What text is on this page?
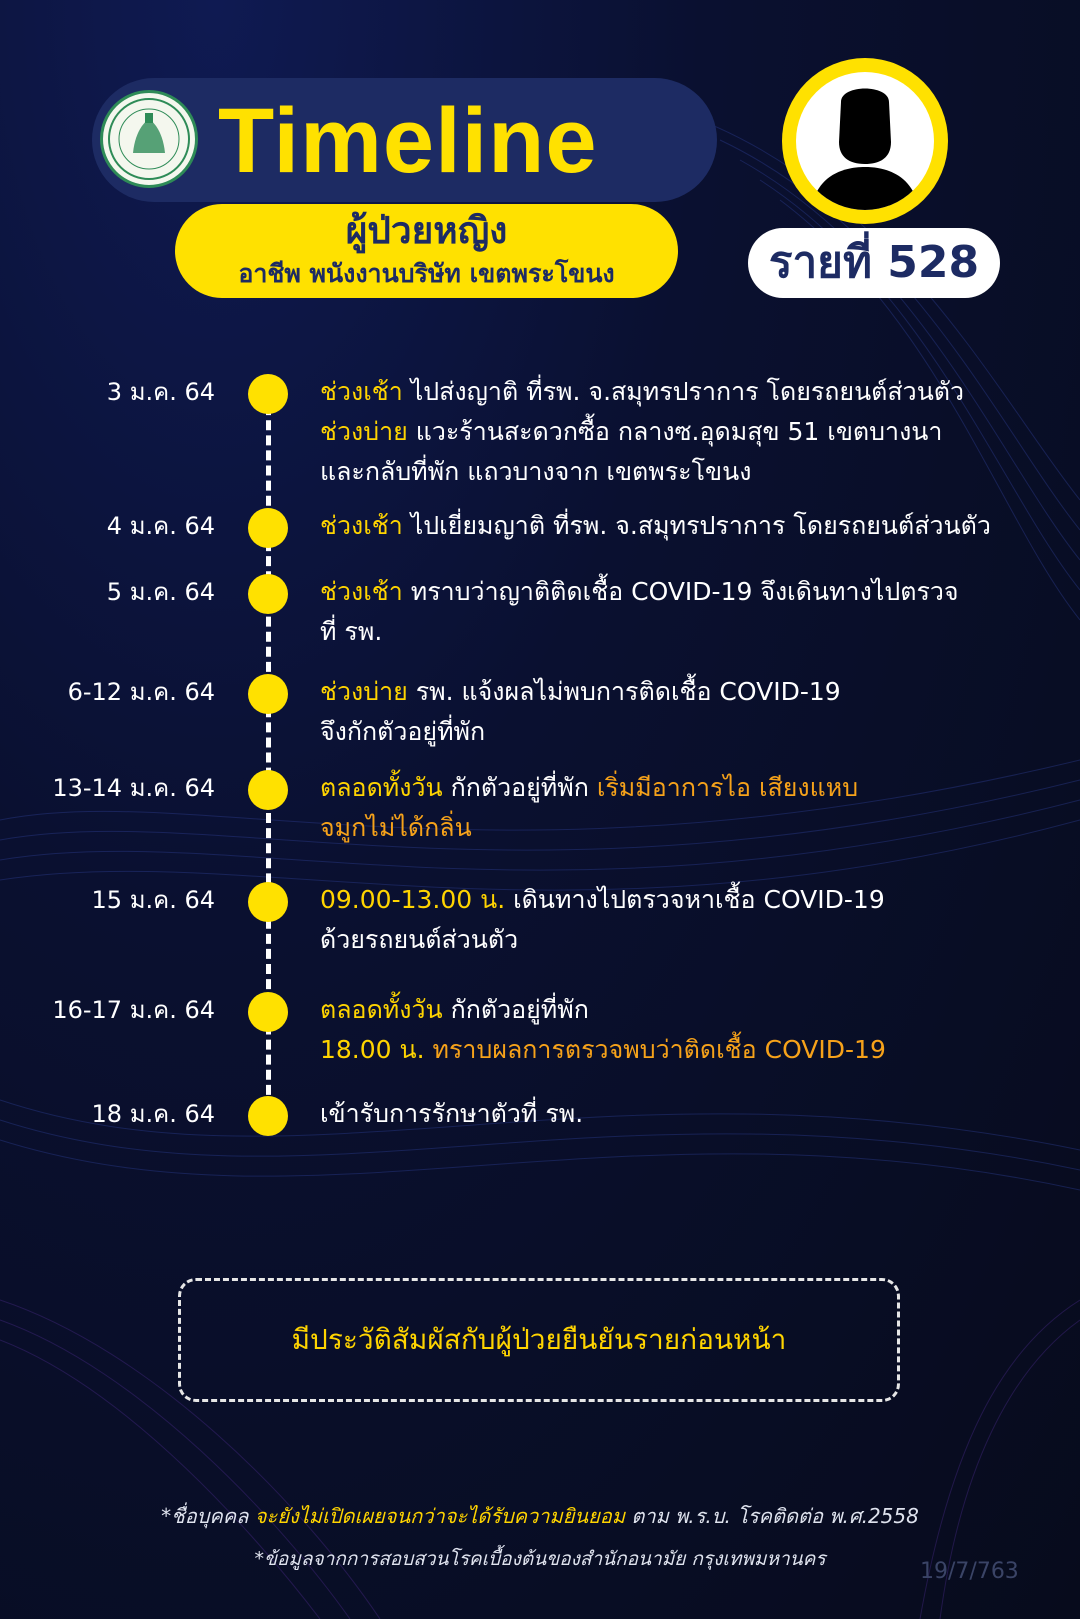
Timeline
ผู้ป่วยหญิง
อาชีพ พนังงานบริษัท เขตพระโขนง	รายที่ 528
3 ม.ค. 64	ช่วงเช้า ไปส่งญาติ ที่รพ. จ.สมุทรปราการ โดยรถยนต์ส่วนตัว
ช่วงบ่าย แวะร้านสะดวกซื้อ กลางซ.อุดมสุข 51 เขตบางนา
และกลับที่พัก แถวบางจาก เขตพระโขนง
4 ม.ค. 64	ช่วงเช้า ไปเยี่ยมญาติ ที่รพ. จ.สมุทรปราการ โดยรถยนต์ส่วนตัว
5 ม.ค. 64	ช่วงเช้า ทราบว่าญาติติดเชื้อ COVID-19 จึงเดินทางไปตรวจ
ที่ รพ.
6-12 ม.ค. 64	ช่วงบ่าย รพ. แจ้งผลไม่พบการติดเชื้อ COVID-19
จึงกักตัวอยู่ที่พัก
13-14 ม.ค. 64	ตลอดทั้งวัน กักตัวอยู่ที่พัก เริ่มมีอาการไอ เสียงแหบ
จมูกไม่ได้กลิ่น
15 ม.ค. 64	09.00-13.00 น. เดินทางไปตรวจหาเชื้อ COVID-19
ด้วยรถยนต์ส่วนตัว
16-17 ม.ค. 64	ตลอดทั้งวัน กักตัวอยู่ที่พัก
18.00 น. ทราบผลการตรวจพบว่าติดเชื้อ COVID-19
18 ม.ค. 64	เข้ารับการรักษาตัวที่ รพ.
มีประวัติสัมผัสกับผู้ป่วยยืนยันรายก่อนหน้า
*ชื่อบุคคล จะยังไม่เปิดเผยจนกว่าจะได้รับความยินยอม ตาม พ.ร.บ. โรคติดต่อ พ.ศ.2558
*ข้อมูลจากการสอบสวนโรคเบื้องต้นของสำนักอนามัย กรุงเทพมหานคร	19/7/763
